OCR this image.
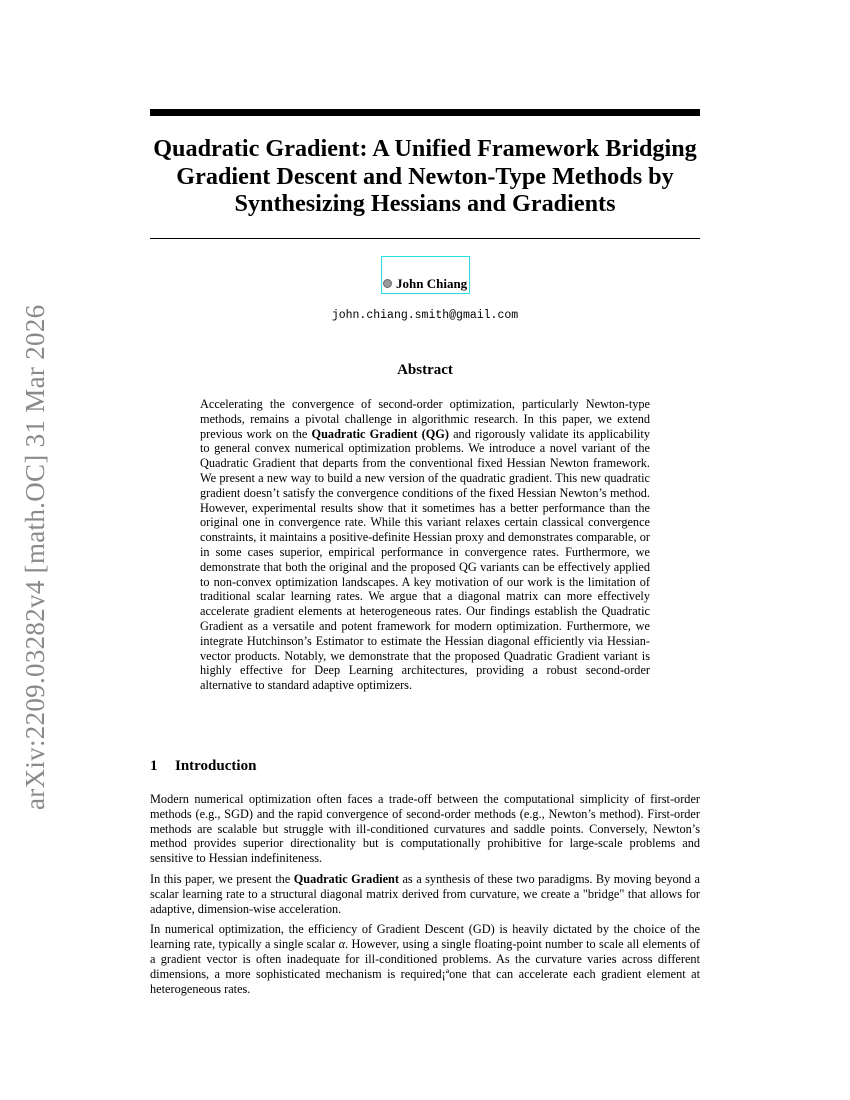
arXiv:2209.03282v4 [math.OC] 31 Mar 2026
Quadratic Gradient: A Unified Framework Bridging Gradient Descent and Newton-Type Methods by Synthesizing Hessians and Gradients
John Chiang
john.chiang.smith@gmail.com
Abstract
Accelerating the convergence of second-order optimization, particularly Newton-type methods, remains a pivotal challenge in algorithmic research. In this paper, we extend previous work on the Quadratic Gradient (QG) and rigorously validate its applicability to general convex numerical optimization problems. We introduce a novel variant of the Quadratic Gradient that departs from the conventional fixed Hessian Newton framework. We present a new way to build a new version of the quadratic gradient. This new quadratic gradient doesn’t satisfy the convergence conditions of the fixed Hessian Newton’s method. However, experimental results show that it sometimes has a better performance than the original one in convergence rate. While this variant relaxes certain classical convergence constraints, it maintains a positive-definite Hessian proxy and demonstrates comparable, or in some cases superior, empirical performance in convergence rates. Furthermore, we demonstrate that both the original and the proposed QG variants can be effectively applied to non-convex optimization landscapes. A key motivation of our work is the limitation of traditional scalar learning rates. We argue that a diagonal matrix can more effectively accelerate gradient elements at heterogeneous rates. Our findings establish the Quadratic Gradient as a versatile and potent framework for modern optimization. Furthermore, we integrate Hutchinson’s Estimator to estimate the Hessian diagonal efficiently via Hessian-vector products. Notably, we demonstrate that the proposed Quadratic Gradient variant is highly effective for Deep Learning architectures, providing a robust second-order alternative to standard adaptive optimizers.
1 Introduction

Modern numerical optimization often faces a trade-off between the computational simplicity of first-order methods (e.g., SGD) and the rapid convergence of second-order methods (e.g., Newton’s method). First-order methods are scalable but struggle with ill-conditioned curvatures and saddle points. Conversely, Newton’s method provides superior directionality but is computationally prohibitive for large-scale problems and sensitive to Hessian indefiniteness.

In this paper, we present the Quadratic Gradient as a synthesis of these two paradigms. By moving beyond a scalar learning rate to a structural diagonal matrix derived from curvature, we create a "bridge" that allows for adaptive, dimension-wise acceleration.

In numerical optimization, the efficiency of Gradient Descent (GD) is heavily dictated by the choice of the learning rate, typically a single scalar α. However, using a single floating-point number to scale all elements of a gradient vector is often inadequate for ill-conditioned problems. As the curvature varies across different dimensions, a more sophisticated mechanism is required¡ªone that can accelerate each gradient element at heterogeneous rates.
